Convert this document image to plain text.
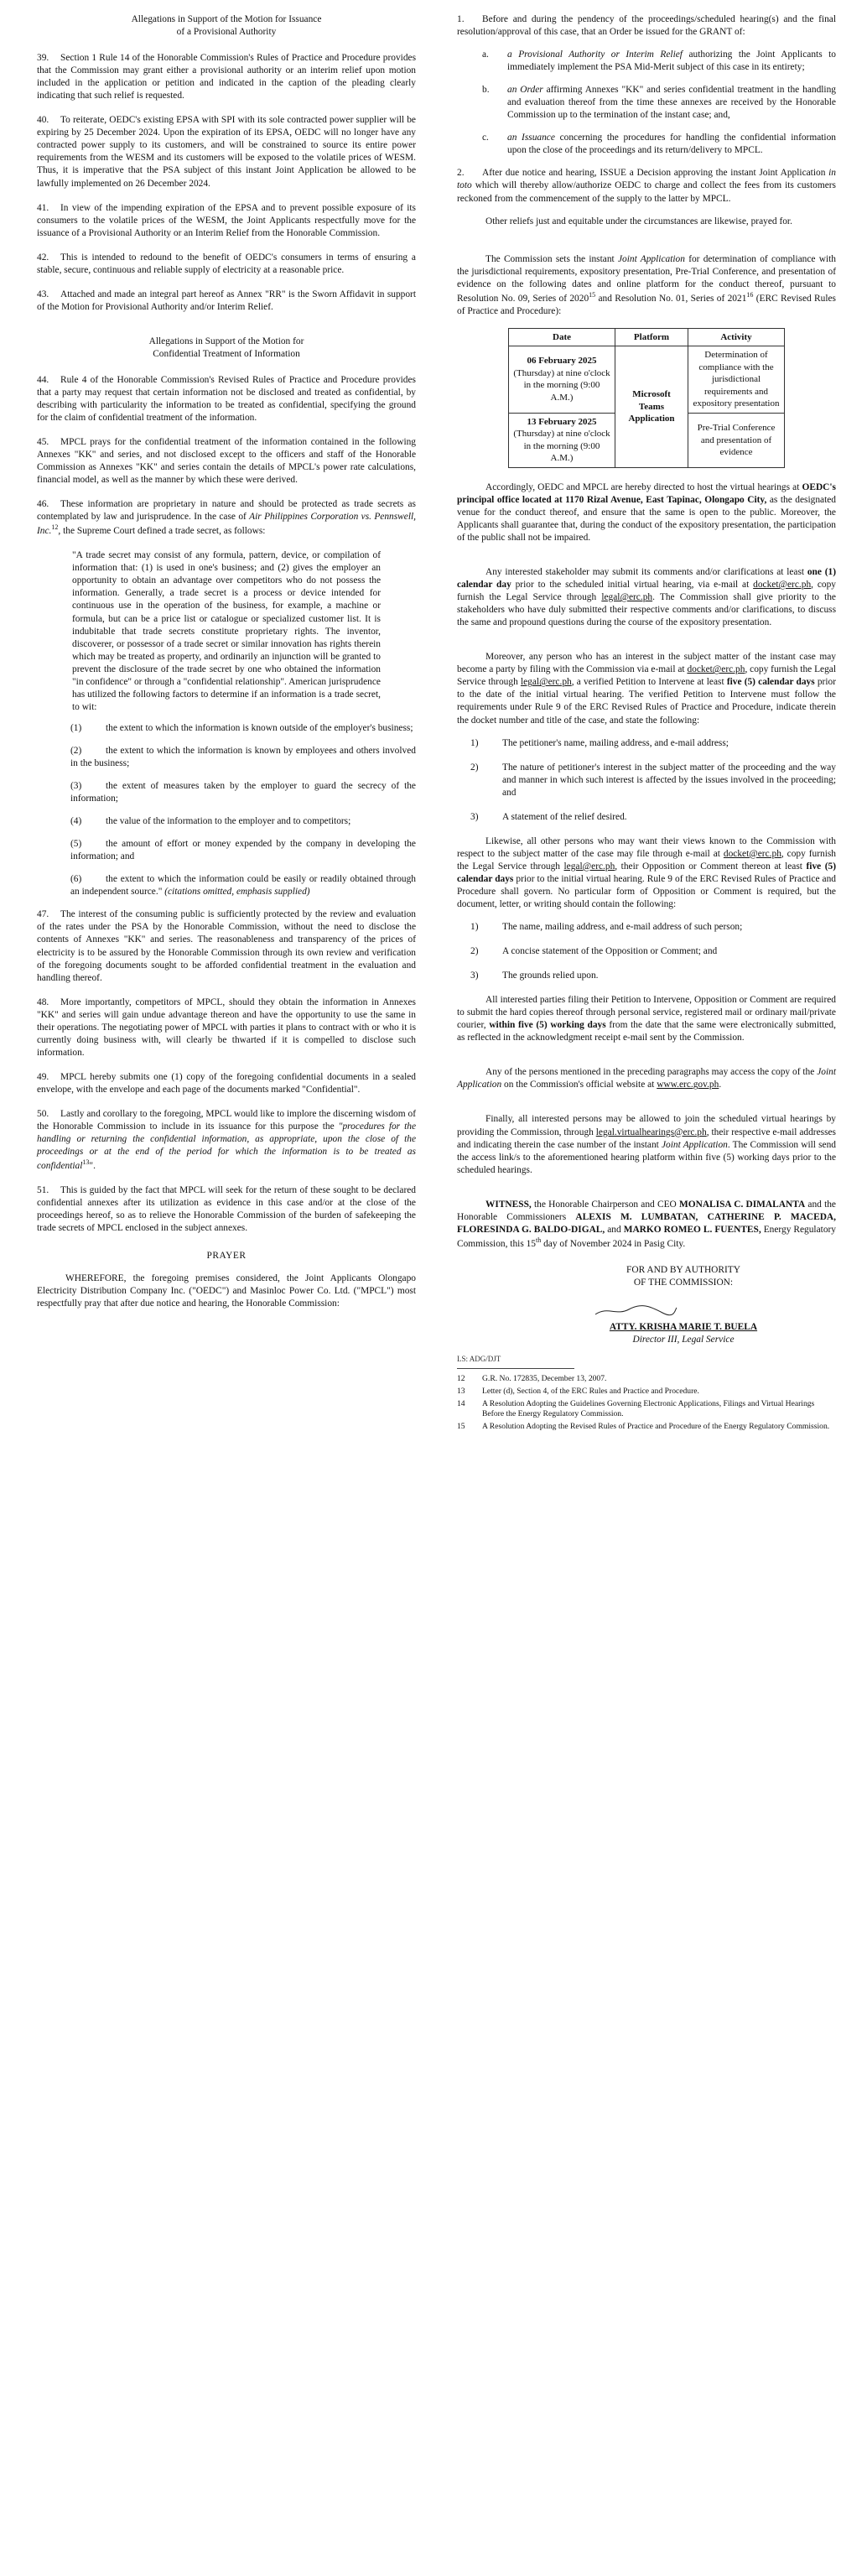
Allegations in Support of the Motion for Issuance
of a Provisional Authority

39. Section 1 Rule 14 of the Honorable Commission's Rules of Practice and Procedure provides that the Commission may grant either a provisional authority or an interim relief upon motion included in the application or petition and indicated in the caption of the pleading clearly indicating that such relief is requested.

40. To reiterate, OEDC's existing EPSA with SPI with its sole contracted power supplier will be expiring by 25 December 2024. Upon the expiration of its EPSA, OEDC will no longer have any contracted power supply to its customers, and will be constrained to source its entire power requirements from the WESM and its customers will be exposed to the volatile prices of WESM. Thus, it is imperative that the PSA subject of this instant Joint Application be allowed to be lawfully implemented on 26 December 2024.

41. In view of the impending expiration of the EPSA and to prevent possible exposure of its consumers to the volatile prices of the WESM, the Joint Applicants respectfully move for the issuance of a Provisional Authority or an Interim Relief from the Honorable Commission.

42. This is intended to redound to the benefit of OEDC's consumers in terms of ensuring a stable, secure, continuous and reliable supply of electricity at a reasonable price.

43. Attached and made an integral part hereof as Annex "RR" is the Sworn Affidavit in support of the Motion for Provisional Authority and/or Interim Relief.

Allegations in Support of the Motion for
Confidential Treatment of Information

44. Rule 4 of the Honorable Commission's Revised Rules of Practice and Procedure provides that a party may request that certain information not be disclosed and treated as confidential, by describing with particularity the information to be treated as confidential, specifying the ground for the claim of confidential treatment of the information.

45. MPCL prays for the confidential treatment of the information contained in the following Annexes "KK" and series, and not disclosed except to the officers and staff of the Honorable Commission as Annexes "KK" and series contain the details of MPCL's power rate calculations, financial model, as well as the manner by which these were derived.

46. These information are proprietary in nature and should be protected as trade secrets as contemplated by law and jurisprudence. In the case of Air Philippines Corporation vs. Pennswell, Inc.$^{12}$, the Supreme Court defined a trade secret, as follows:

"A trade secret may consist of any formula, pattern, device, or compilation of information that: (1) is used in one's business; and (2) gives the employer an opportunity to obtain an advantage over competitors who do not possess the information. Generally, a trade secret is a process or device intended for continuous use in the operation of the business, for example, a machine or formula, but can be a price list or catalogue or specialized customer list. It is indubitable that trade secrets constitute proprietary rights. The inventor, discoverer, or possessor of a trade secret or similar innovation has rights therein which may be treated as property, and ordinarily an injunction will be granted to prevent the disclosure of the trade secret by one who obtained the information "in confidence" or through a "confidential relationship". American jurisprudence has utilized the following factors to determine if an information is a trade secret, to wit:

(1)	the extent to which the information is known outside of the employer's business;
(2)	the extent to which the information is known by employees and others involved in the business;
(3)	the extent of measures taken by the employer to guard the secrecy of the information;
(4)	the value of the information to the employer and to competitors;
(5)	the amount of effort or money expended by the company in developing the information; and
(6)	the extent to which the information could be easily or readily obtained through an independent source." (citations omitted, emphasis supplied)

47. The interest of the consuming public is sufficiently protected by the review and evaluation of the rates under the PSA by the Honorable Commission, without the need to disclose the contents of Annexes "KK" and series. The reasonableness and transparency of the prices of electricity is to be assured by the Honorable Commission through its own review and verification of the foregoing documents sought to be afforded confidential treatment in the evaluation and handling thereof.

48. More importantly, competitors of MPCL, should they obtain the information in Annexes "KK" and series will gain undue advantage thereon and have the opportunity to use the same in their operations. The negotiating power of MPCL with parties it plans to contract with or who it is currently doing business with, will clearly be thwarted if it is compelled to disclose such information.

49. MPCL hereby submits one (1) copy of the foregoing confidential documents in a sealed envelope, with the envelope and each page of the documents marked "Confidential".

50. Lastly and corollary to the foregoing, MPCL would like to implore the discerning wisdom of the Honorable Commission to include in its issuance for this purpose the "procedures for the handling or returning the confidential information, as appropriate, upon the close of the proceedings or at the end of the period for which the information is to be treated as confidential$^{13}$".

51. This is guided by the fact that MPCL will seek for the return of these sought to be declared confidential annexes after its utilization as evidence in this case and/or at the close of the proceedings hereof, so as to relieve the Honorable Commission of the burden of safekeeping the trade secrets of MPCL enclosed in the subject annexes.

PRAYER

WHEREFORE, the foregoing premises considered, the Joint Applicants Olongapo Electricity Distribution Company Inc. ("OEDC") and Masinloc Power Co. Ltd. ("MPCL") most respectfully pray that after due notice and hearing, the Honorable Commission:

1. Before and during the pendency of the proceedings/scheduled hearing(s) and the final resolution/approval of this case, that an Order be issued for the GRANT of:

a.	a Provisional Authority or Interim Relief authorizing the Joint Applicants to immediately implement the PSA Mid-Merit subject of this case in its entirety;
b.	an Order affirming Annexes "KK" and series confidential treatment in the handling and evaluation thereof from the time these annexes are received by the Honorable Commission up to the termination of the instant case; and,
c.	an Issuance concerning the procedures for handling the confidential information upon the close of the proceedings and its return/delivery to MPCL.

2. After due notice and hearing, ISSUE a Decision approving the instant Joint Application in toto which will thereby allow/authorize OEDC to charge and collect the fees from its customers reckoned from the commencement of the supply to the latter by MPCL.

Other reliefs just and equitable under the circumstances are likewise, prayed for.

The Commission sets the instant Joint Application for determination of compliance with the jurisdictional requirements, expository presentation, Pre-Trial Conference, and presentation of evidence on the following dates and online platform for the conduct thereof, pursuant to Resolution No. 09, Series of 2020$^{15}$ and Resolution No. 01, Series of 2021$^{16}$ (ERC Revised Rules of Practice and Procedure):

Date	Platform	Activity
06 February 2025
(Thursday) at nine o'clock in the morning (9:00 A.M.)	Microsoft Teams Application	Determination of compliance with the jurisdictional requirements and expository presentation
13 February 2025
(Thursday) at nine o'clock in the morning (9:00 A.M.)		Pre-Trial Conference and presentation of evidence

Accordingly, OEDC and MPCL are hereby directed to host the virtual hearings at OEDC's principal office located at 1170 Rizal Avenue, East Tapinac, Olongapo City, as the designated venue for the conduct thereof, and ensure that the same is open to the public. Moreover, the Applicants shall guarantee that, during the conduct of the expository presentation, the participation of the public shall not be impaired.

Any interested stakeholder may submit its comments and/or clarifications at least one (1) calendar day prior to the scheduled initial virtual hearing, via e-mail at docket@erc.ph, copy furnish the Legal Service through legal@erc.ph. The Commission shall give priority to the stakeholders who have duly submitted their respective comments and/or clarifications, to discuss the same and propound questions during the course of the expository presentation.

Moreover, any person who has an interest in the subject matter of the instant case may become a party by filing with the Commission via e-mail at docket@erc.ph, copy furnish the Legal Service through legal@erc.ph, a verified Petition to Intervene at least five (5) calendar days prior to the date of the initial virtual hearing. The verified Petition to Intervene must follow the requirements under Rule 9 of the ERC Revised Rules of Practice and Procedure, indicate therein the docket number and title of the case, and state the following:

1)	The petitioner's name, mailing address, and e-mail address;
2)	The nature of petitioner's interest in the subject matter of the proceeding and the way and manner in which such interest is affected by the issues involved in the proceeding; and
3)	A statement of the relief desired.

Likewise, all other persons who may want their views known to the Commission with respect to the subject matter of the case may file through e-mail at docket@erc.ph, copy furnish the Legal Service through legal@erc.ph, their Opposition or Comment thereon at least five (5) calendar days prior to the initial virtual hearing. Rule 9 of the ERC Revised Rules of Practice and Procedure shall govern. No particular form of Opposition or Comment is required, but the document, letter, or writing should contain the following:

1)	The name, mailing address, and e-mail address of such person;
2)	A concise statement of the Opposition or Comment; and
3)	The grounds relied upon.

All interested parties filing their Petition to Intervene, Opposition or Comment are required to submit the hard copies thereof through personal service, registered mail or ordinary mail/private courier, within five (5) working days from the date that the same were electronically submitted, as reflected in the acknowledgment receipt e-mail sent by the Commission.

Any of the persons mentioned in the preceding paragraphs may access the copy of the Joint Application on the Commission's official website at www.erc.gov.ph.

Finally, all interested persons may be allowed to join the scheduled virtual hearings by providing the Commission, through legal.virtualhearings@erc.ph, their respective e-mail addresses and indicating therein the case number of the instant Joint Application. The Commission will send the access link/s to the aforementioned hearing platform within five (5) working days prior to the scheduled hearings.

WITNESS, the Honorable Chairperson and CEO MONALISA C. DIMALANTA and the Honorable Commissioners ALEXIS M. LUMBATAN, CATHERINE P. MACEDA, FLORESINDA G. BALDO-DIGAL, and MARKO ROMEO L. FUENTES, Energy Regulatory Commission, this 15th day of November 2024 in Pasig City.

FOR AND BY AUTHORITY
OF THE COMMISSION:
ATTY. KRISHA MARIE T. BUELA
Director III, Legal Service
LS: ADG/DJT
12	G.R. No. 172835, December 13, 2007.
13	Letter (d), Section 4, of the ERC Rules and Practice and Procedure.
14	A Resolution Adopting the Guidelines Governing Electronic Applications, Filings and Virtual Hearings Before the Energy Regulatory Commission.
15	A Resolution Adopting the Revised Rules of Practice and Procedure of the Energy Regulatory Commission.
